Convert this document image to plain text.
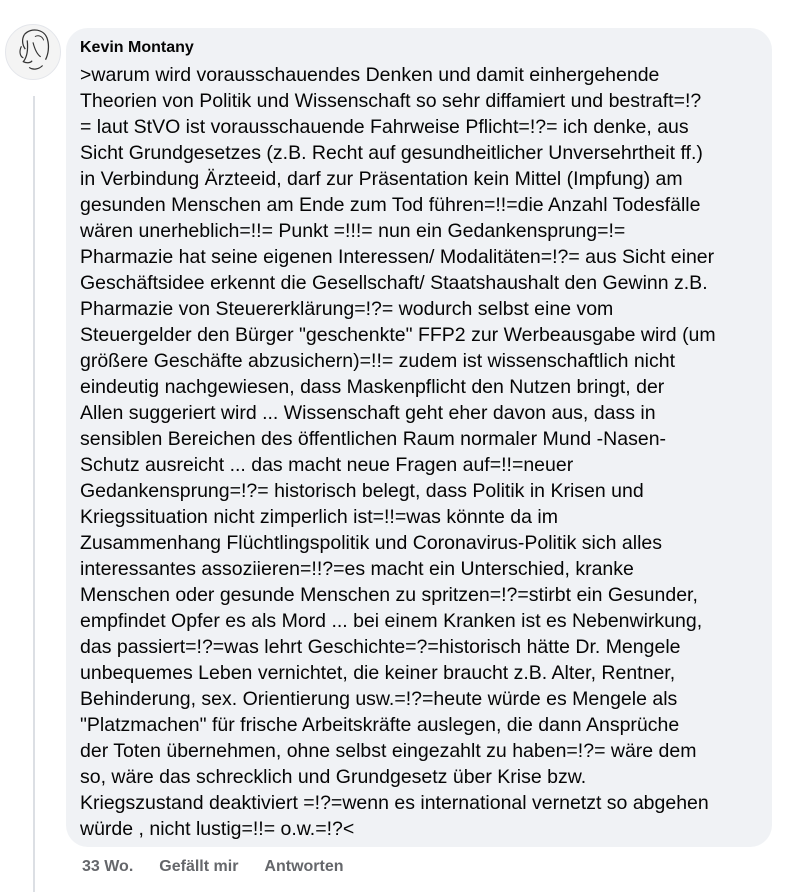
Kevin Montany

>warum wird vorausschauendes Denken und damit einhergehende
Theorien von Politik und Wissenschaft so sehr diffamiert und bestraft=!?
= laut StVO ist vorausschauende Fahrweise Pflicht=!?= ich denke, aus
Sicht Grundgesetzes (z.B. Recht auf gesundheitlicher Unversehrtheit ff.)
in Verbindung Ärzteeid, darf zur Präsentation kein Mittel (Impfung) am
gesunden Menschen am Ende zum Tod führen=!!=die Anzahl Todesfälle
wären unerheblich=!!= Punkt =!!!= nun ein Gedankensprung=!=
Pharmazie hat seine eigenen Interessen/ Modalitäten=!?= aus Sicht einer
Geschäftsidee erkennt die Gesellschaft/ Staatshaushalt den Gewinn z.B.
Pharmazie von Steuererklärung=!?= wodurch selbst eine vom
Steuergelder den Bürger "geschenkte" FFP2 zur Werbeausgabe wird (um
größere Geschäfte abzusichern)=!!= zudem ist wissenschaftlich nicht
eindeutig nachgewiesen, dass Maskenpflicht den Nutzen bringt, der
Allen suggeriert wird ... Wissenschaft geht eher davon aus, dass in
sensiblen Bereichen des öffentlichen Raum normaler Mund -Nasen-
Schutz ausreicht ... das macht neue Fragen auf=!!=neuer
Gedankensprung=!?= historisch belegt, dass Politik in Krisen und
Kriegssituation nicht zimperlich ist=!!=was könnte da im
Zusammenhang Flüchtlingspolitik und Coronavirus-Politik sich alles
interessantes assoziieren=!!?=es macht ein Unterschied, kranke
Menschen oder gesunde Menschen zu spritzen=!?=stirbt ein Gesunder,
empfindet Opfer es als Mord ... bei einem Kranken ist es Nebenwirkung,
das passiert=!?=was lehrt Geschichte=?=historisch hätte Dr. Mengele
unbequemes Leben vernichtet, die keiner braucht z.B. Alter, Rentner,
Behinderung, sex. Orientierung usw.=!?=heute würde es Mengele als
"Platzmachen" für frische Arbeitskräfte auslegen, die dann Ansprüche
der Toten übernehmen, ohne selbst eingezahlt zu haben=!?= wäre dem
so, wäre das schrecklich und Grundgesetz über Krise bzw.
Kriegszustand deaktiviert =!?=wenn es international vernetzt so abgehen
würde , nicht lustig=!!= o.w.=!?<

33 Wo. Gefällt mir Antworten
